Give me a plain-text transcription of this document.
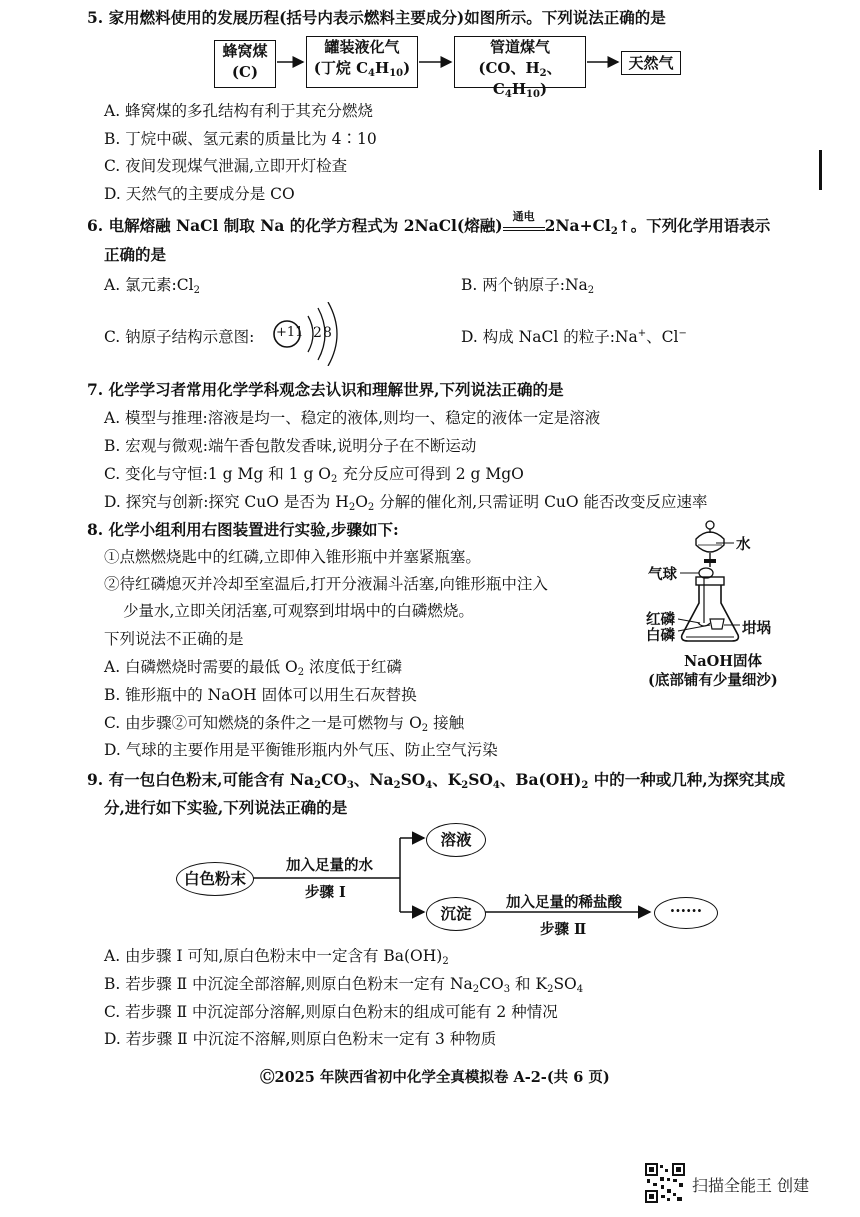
5. 家用燃料使用的发展历程(括号内表示燃料主要成分)如图所示。下列说法正确的是
蜂窝煤
(C)
罐装液化气
(丁烷 $C_4H_{10}$)
管道煤气
(CO、$H_2$、$C_4H_{10}$)
天然气
A. 蜂窝煤的多孔结构有利于其充分燃烧
B. 丁烷中碳、氢元素的质量比为 4∶10
C. 夜间发现煤气泄漏,立即开灯检查
D. 天然气的主要成分是 CO
6. 电解熔融 NaCl 制取 Na 的化学方程式为 2NaCl(熔融) 通电 $2Na+Cl_2↑$。下列化学用语表示
正确的是
A. 氯元素$:Cl_2$	B. 两个钠原子$:Na_2$
C. 钠原子结构示意图: +11 2 8	D. 构成 NaCl 的粒子:Na+、Cl−
7. 化学学习者常用化学学科观念去认识和理解世界,下列说法正确的是
A. 模型与推理:溶液是均一、稳定的液体,则均一、稳定的液体一定是溶液
B. 宏观与微观:端午香包散发香味,说明分子在不断运动
C. 变化与守恒:1 g Mg 和 1 g $O_2$ 充分反应可得到 2 g MgO
D. 探究与创新:探究 CuO 是否为 $H_2O_2$ 分解的催化剂,只需证明 CuO 能否改变反应速率
8. 化学小组利用右图装置进行实验,步骤如下:
①点燃燃烧匙中的红磷,立即伸入锥形瓶中并塞紧瓶塞。
②待红磷熄灭并冷却至室温后,打开分液漏斗活塞,向锥形瓶中注入
少量水,立即关闭活塞,可观察到坩埚中的白磷燃烧。
下列说法不正确的是
A. 白磷燃烧时需要的最低 $O_2$ 浓度低于红磷
B. 锥形瓶中的 NaOH 固体可以用生石灰替换
C. 由步骤②可知燃烧的条件之一是可燃物与 $O_2$ 接触
D. 气球的主要作用是平衡锥形瓶内外气压、防止空气污染
水
气球
红磷
白磷	坩埚
NaOH固体
(底部铺有少量细沙)
9. 有一包白色粉末,可能含有 $Na_2CO_3$、$Na_2SO_4$、$K_2SO_4$、$Ba(OH)_2$ 中的一种或几种,为探究其成
分,进行如下实验,下列说法正确的是
白色粉末
溶液
沉淀	······
加入足量的水
步骤 Ⅰ
加入足量的稀盐酸
步骤 Ⅱ
A. 由步骤 Ⅰ 可知,原白色粉末中一定含有 $Ba(OH)_2$
B. 若步骤 Ⅱ 中沉淀全部溶解,则原白色粉末一定有 $Na_2CO_3$ 和 $K_2SO_4$
C. 若步骤 Ⅱ 中沉淀部分溶解,则原白色粉末的组成可能有 2 种情况
D. 若步骤 Ⅱ 中沉淀不溶解,则原白色粉末一定有 3 种物质
Ⓒ2025 年陕西省初中化学全真模拟卷 A-2-(共 6 页)
扫描全能王 创建
